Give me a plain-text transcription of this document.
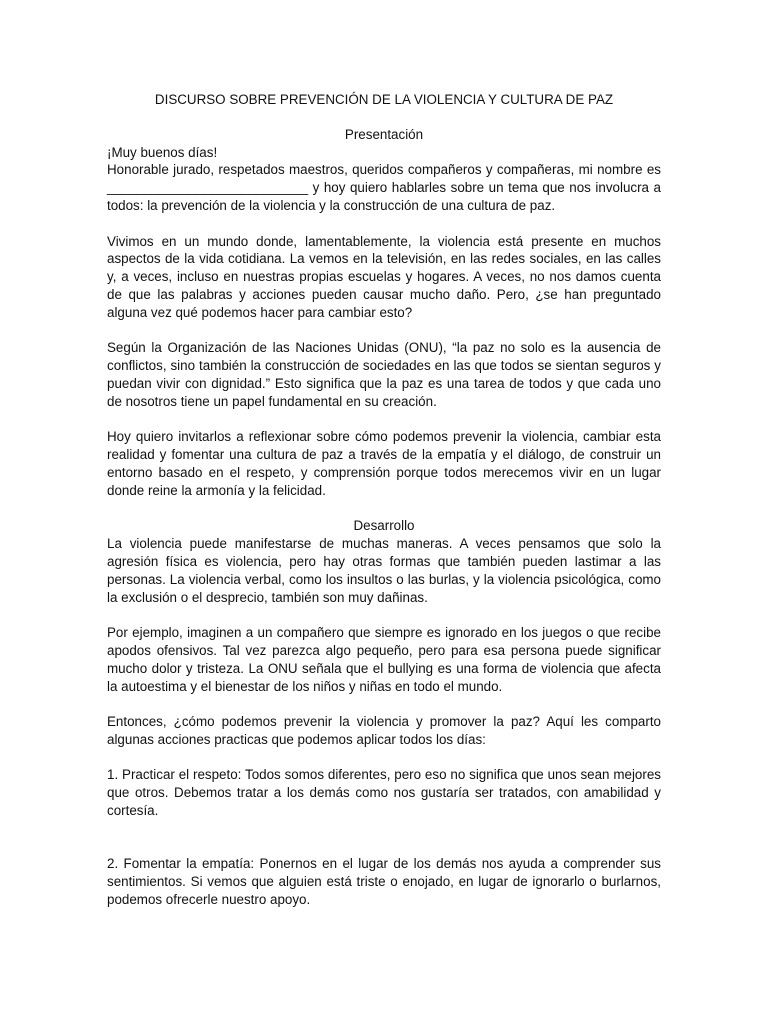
DISCURSO SOBRE PREVENCIÓN DE LA VIOLENCIA Y CULTURA DE PAZ

Presentación

¡Muy buenos días!

Honorable jurado, respetados maestros, queridos compañeros y compañeras, mi nombre es ___________________________ y hoy quiero hablarles sobre un tema que nos involucra a todos: la prevención de la violencia y la construcción de una cultura de paz.

Vivimos en un mundo donde, lamentablemente, la violencia está presente en muchos aspectos de la vida cotidiana. La vemos en la televisión, en las redes sociales, en las calles y, a veces, incluso en nuestras propias escuelas y hogares. A veces, no nos damos cuenta de que las palabras y acciones pueden causar mucho daño. Pero, ¿se han preguntado alguna vez qué podemos hacer para cambiar esto?

Según la Organización de las Naciones Unidas (ONU), “la paz no solo es la ausencia de conflictos, sino también la construcción de sociedades en las que todos se sientan seguros y puedan vivir con dignidad.” Esto significa que la paz es una tarea de todos y que cada uno de nosotros tiene un papel fundamental en su creación.

Hoy quiero invitarlos a reflexionar sobre cómo podemos prevenir la violencia, cambiar esta realidad y fomentar una cultura de paz a través de la empatía y el diálogo, de construir un entorno basado en el respeto, y comprensión porque todos merecemos vivir en un lugar donde reine la armonía y la felicidad.

Desarrollo

La violencia puede manifestarse de muchas maneras. A veces pensamos que solo la agresión física es violencia, pero hay otras formas que también pueden lastimar a las personas. La violencia verbal, como los insultos o las burlas, y la violencia psicológica, como la exclusión o el desprecio, también son muy dañinas.

Por ejemplo, imaginen a un compañero que siempre es ignorado en los juegos o que recibe apodos ofensivos. Tal vez parezca algo pequeño, pero para esa persona puede significar mucho dolor y tristeza. La ONU señala que el bullying es una forma de violencia que afecta la autoestima y el bienestar de los niños y niñas en todo el mundo.

Entonces, ¿cómo podemos prevenir la violencia y promover la paz? Aquí les comparto algunas acciones practicas que podemos aplicar todos los días:

1. Practicar el respeto: Todos somos diferentes, pero eso no significa que unos sean mejores que otros. Debemos tratar a los demás como nos gustaría ser tratados, con amabilidad y cortesía.

2. Fomentar la empatía: Ponernos en el lugar de los demás nos ayuda a comprender sus sentimientos. Si vemos que alguien está triste o enojado, en lugar de ignorarlo o burlarnos, podemos ofrecerle nuestro apoyo.
